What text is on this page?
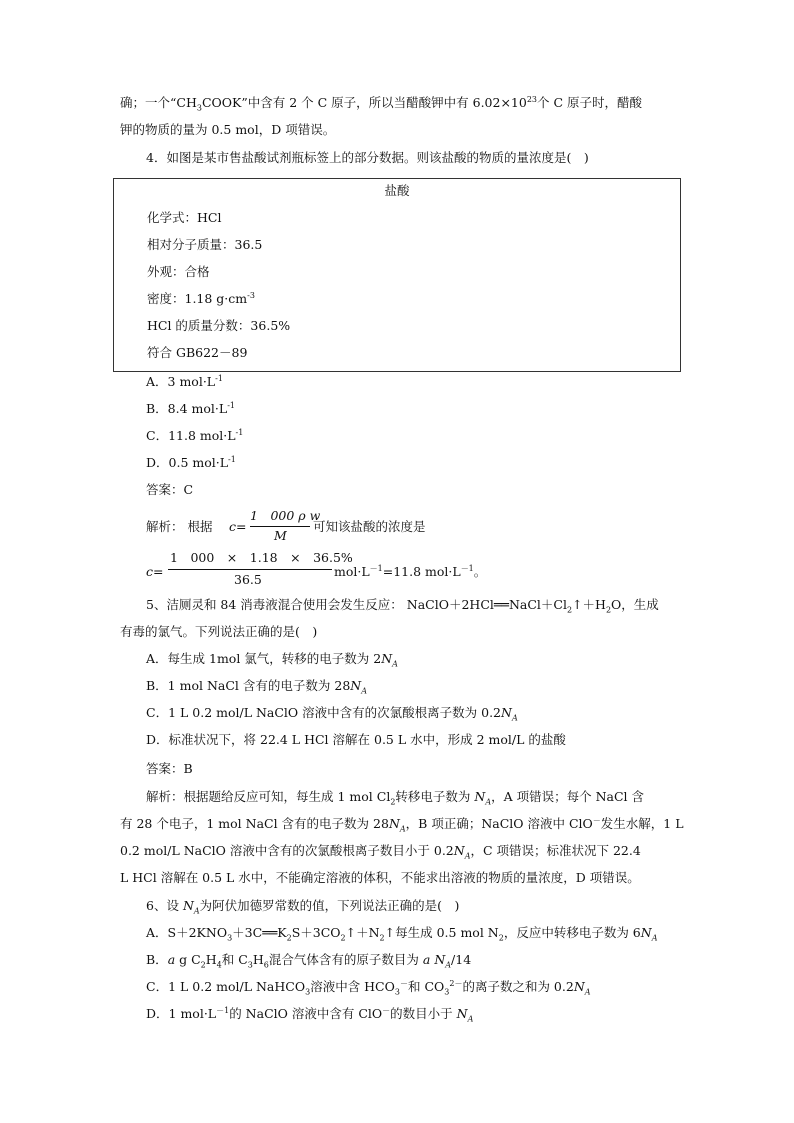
确；一个“$CH_3COOK$”中含有 2 个 C 原子，所以当醋酸钾中有 $6.02\times 10^{23}$个 C 原子时，醋酸
钾的物质的量为 0.5 mol，D 项错误。
4．如图是某市售盐酸试剂瓶标签上的部分数据。则该盐酸的物质的量浓度是(　)
盐酸
化学式：HCl
相对分子质量：36.5
外观：合格
密度：1.18 $g\cdot cm^{-3}$
HCl 的质量分数：36.5%
符合 GB622－89
A．3 $mol\cdot L^{-1}$
B．8.4 $mol\cdot L^{-1}$
C．11.8 $mol\cdot L^{-1}$
D．0.5 $mol\cdot L^{-1}$
答案：C
解析： 根据 c=
1　000 ρ w
M
可知该盐酸的浓度是
c=
1　000　×　1.18　×　36.5%
36.5
$mol\cdot L^{-1}=11.8$ $mol\cdot L^{-1}$。
5、洁厕灵和 84 消毒液混合使用会发生反应： $NaClO+2HCl══NaCl+Cl_2↑+H_2O$，生成
有毒的氯气。下列说法正确的是(　)
A．每生成 1mol 氯气，转移的电子数为 $2N_A$
B．1 mol NaCl 含有的电子数为 $28N_A$
C．1 L 0.2 mol/L NaClO 溶液中含有的次氯酸根离子数为 $0.2N_A$
D．标准状况下，将 22.4 L HCl 溶解在 0.5 L 水中，形成 2 mol/L 的盐酸
答案：B
解析：根据题给反应可知，每生成 1 mol $Cl_2$转移电子数为 $N_A$，A 项错误；每个 NaCl 含
有 28 个电子，1 mol NaCl 含有的电子数为 $28N_A$，B 项正确；NaClO 溶液中 ClO－发生水解，1 L
0.2 mol/L NaClO 溶液中含有的次氯酸根离子数目小于 $0.2N_A$，C 项错误；标准状况下 22.4
L HCl 溶解在 0.5 L 水中，不能确定溶液的体积，不能求出溶液的物质的量浓度，D 项错误。
6、设 $N_A$为阿伏加德罗常数的值，下列说法正确的是(　)
A．$S+2KNO_3+3C══K_2S+3CO_2↑+N_2↑$每生成 0.5 mol $N_2$，反应中转移电子数为 $6N_A$
B．a g $C_2H_4$和 $C_3H_6$混合气体含有的原子数目为 a $N_A/14$
C．1 L 0.2 mol/L NaHCO$_3$溶液中含 $HCO_3^-$和 $CO_3^{2-}$的离子数之和为 $0.2N_A$
D．1 $mol\cdot L^{-1}$的 NaClO 溶液中含有 ClO－的数目小于 $N_A$
